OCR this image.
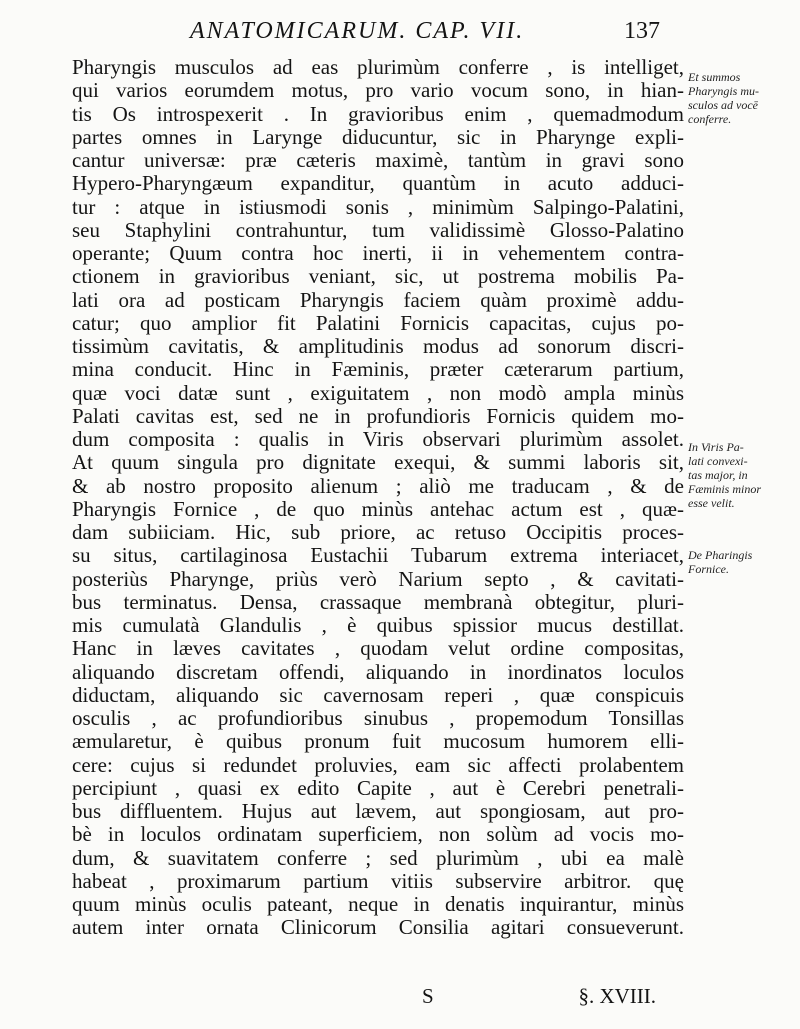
ANATOMICARUM. CAP. VII.	137
Pharyngis musculos ad eas plurimùm conferre , is intelliget,
qui varios eorumdem motus, pro vario vocum sono, in hian-
tis Os introspexerit . In gravioribus enim , quemadmodum
partes omnes in Larynge diducuntur, sic in Pharynge expli-
cantur universæ: præ cæteris maximè, tantùm in gravi sono
Hypero-Pharyngæum expanditur, quantùm in acuto adduci-
tur : atque in istiusmodi sonis , minimùm Salpingo-Palatini,
seu Staphylini contrahuntur, tum validissimè Glosso-Palatino
operante; Quum contra hoc inerti, ii in vehementem contra-
ctionem in gravioribus veniant, sic, ut postrema mobilis Pa-
lati ora ad posticam Pharyngis faciem quàm proximè addu-
catur; quo amplior fit Palatini Fornicis capacitas, cujus po-
tissimùm cavitatis, & amplitudinis modus ad sonorum discri-
mina conducit. Hinc in Fæminis, præter cæterarum partium,
quæ voci datæ sunt , exiguitatem , non modò ampla minùs
Palati cavitas est, sed ne in profundioris Fornicis quidem mo-
dum composita : qualis in Viris observari plurimùm assolet.
At quum singula pro dignitate exequi, & summi laboris sit,
& ab nostro proposito alienum ; aliò me traducam , & de
Pharyngis Fornice , de quo minùs antehac actum est , quæ-
dam subiiciam. Hic, sub priore, ac retuso Occipitis proces-
su situs, cartilaginosa Eustachii Tubarum extrema interiacet,
posteriùs Pharynge, priùs verò Narium septo , & cavitati-
bus terminatus. Densa, crassaque membranà obtegitur, pluri-
mis cumulatà Glandulis , è quibus spissior mucus destillat.
Hanc in læves cavitates , quodam velut ordine compositas,
aliquando discretam offendi, aliquando in inordinatos loculos
diductam, aliquando sic cavernosam reperi , quæ conspicuis
osculis , ac profundioribus sinubus , propemodum Tonsillas
æmularetur, è quibus pronum fuit mucosum humorem elli-
cere: cujus si redundet proluvies, eam sic affecti prolabentem
percipiunt , quasi ex edito Capite , aut è Cerebri penetrali-
bus diffluentem. Hujus aut lævem, aut spongiosam, aut pro-
bè in loculos ordinatam superficiem, non solùm ad vocis mo-
dum, & suavitatem conferre ; sed plurimùm , ubi ea malè
habeat , proximarum partium vitiis subservire arbitror. quę
quum minùs oculis pateant, neque in denatis inquirantur, minùs
autem inter ornata Clinicorum Consilia agitari consueverunt.
S	§. XVIII.
Et summos
Pharyngis mu-
sculos ad vocē
conferre.
In Viris Pa-
lati convexi-
tas major, in
Fæminis minor
esse velit.
De Pharingis
Fornice.
